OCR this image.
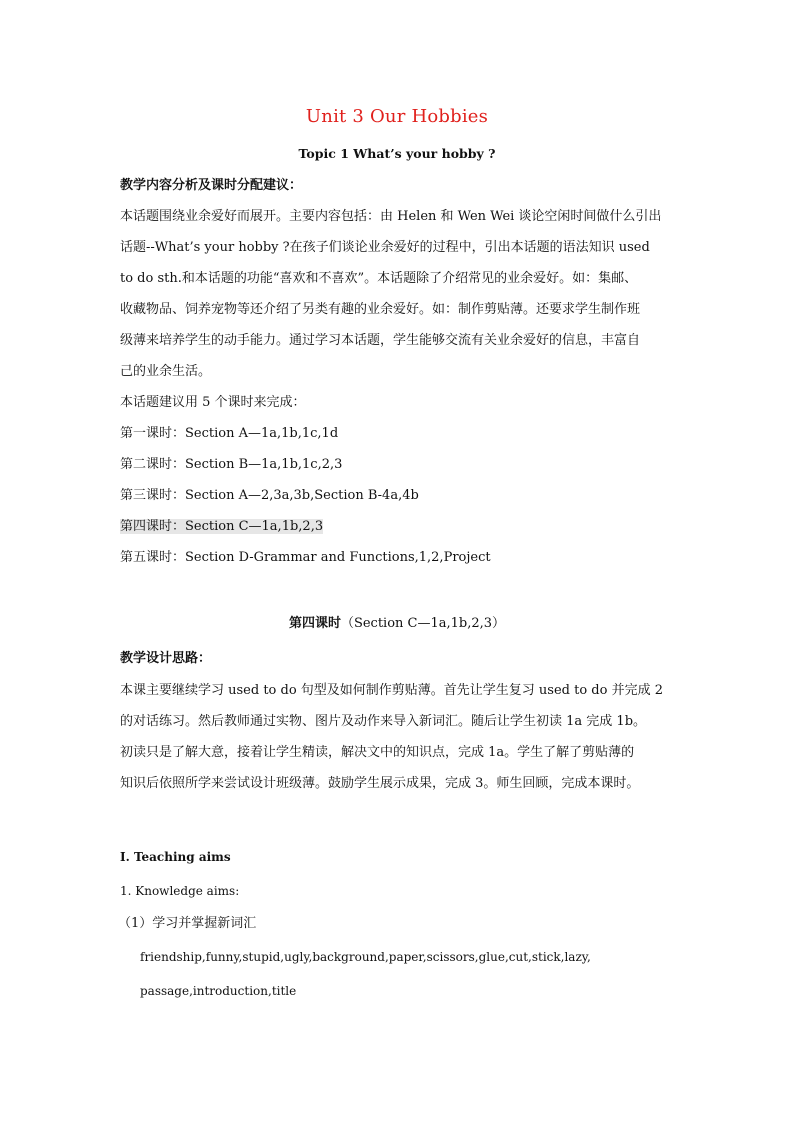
Unit 3 Our Hobbies
Topic 1 What’s your hobby ?
教学内容分析及课时分配建议：
本话题围绕业余爱好而展开。主要内容包括：由 Helen 和 Wen Wei 谈论空闲时间做什么引出
话题--What’s your hobby ?在孩子们谈论业余爱好的过程中，引出本话题的语法知识 used
to do sth.和本话题的功能“喜欢和不喜欢”。本话题除了介绍常见的业余爱好。如：集邮、
收藏物品、饲养宠物等还介绍了另类有趣的业余爱好。如：制作剪贴薄。还要求学生制作班
级薄来培养学生的动手能力。通过学习本话题，学生能够交流有关业余爱好的信息，丰富自
己的业余生活。
本话题建议用 5 个课时来完成：
第一课时：Section A—1a,1b,1c,1d
第二课时：Section B—1a,1b,1c,2,3
第三课时：Section A—2,3a,3b,Section B-4a,4b
第四课时：Section C—1a,1b,2,3
第五课时：Section D-Grammar and Functions,1,2,Project
第四课时（Section C—1a,1b,2,3）
教学设计思路：
本课主要继续学习 used to do 句型及如何制作剪贴薄。首先让学生复习 used to do 并完成 2
的对话练习。然后教师通过实物、图片及动作来导入新词汇。随后让学生初读 1a 完成 1b。
初读只是了解大意，接着让学生精读，解决文中的知识点，完成 1a。学生了解了剪贴薄的
知识后依照所学来尝试设计班级薄。鼓励学生展示成果，完成 3。师生回顾，完成本课时。
Ⅰ. Teaching aims
1. Knowledge aims:
（1）学习并掌握新词汇
friendship,funny,stupid,ugly,background,paper,scissors,glue,cut,stick,lazy,
passage,introduction,title
